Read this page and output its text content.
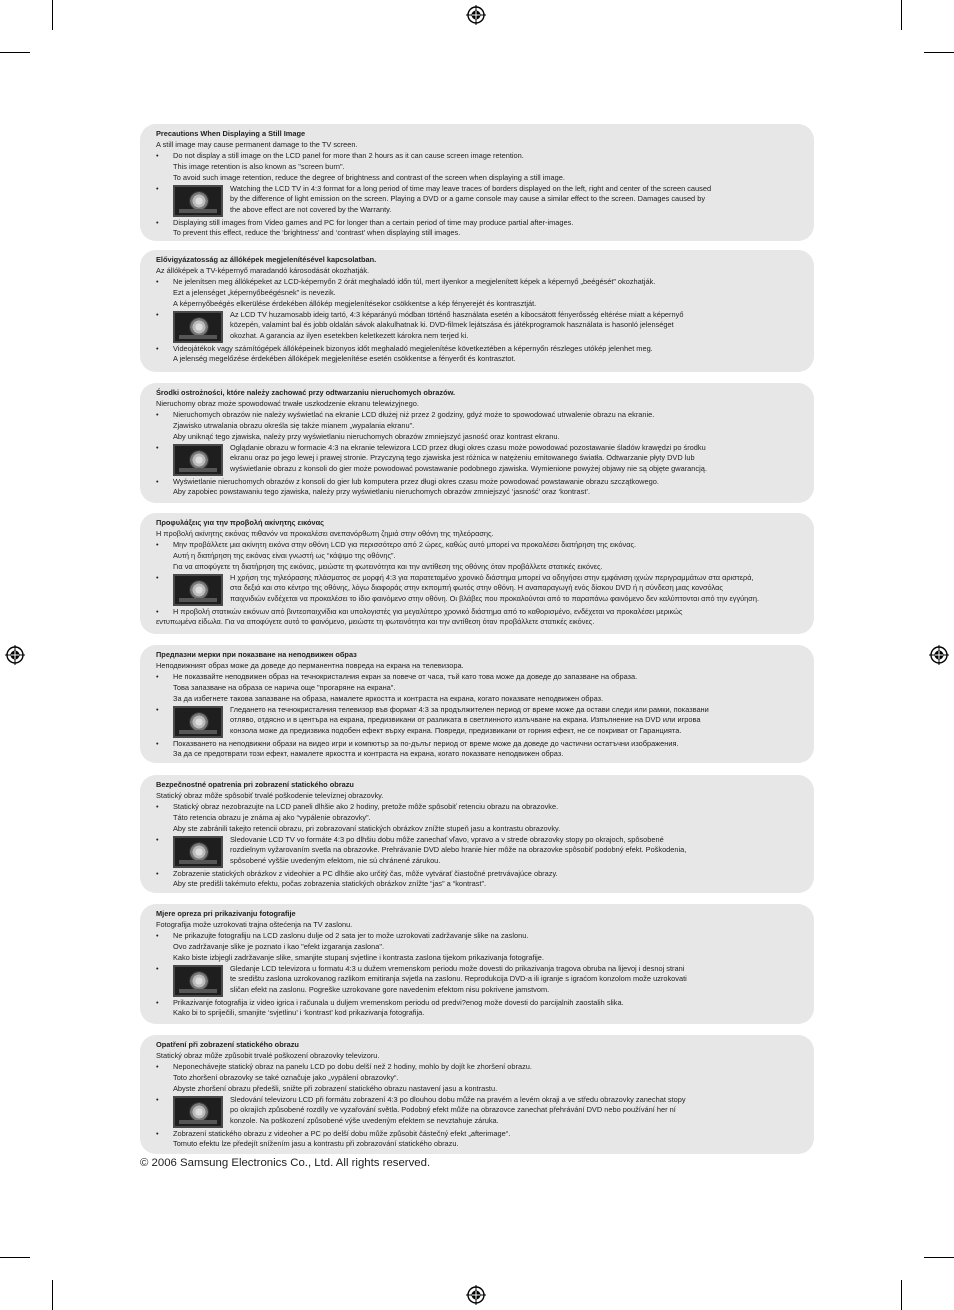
Precautions When Displaying a Still Image
A still image may cause permanent damage to the TV screen.
• Do not display a still image on the LCD panel for more than 2 hours as it can cause screen image retention.
This image retention is also known as "screen burn".
To avoid such image retention, reduce the degree of brightness and contrast of the screen when displaying a still image.
• Watching the LCD TV in 4:3 format for a long period of time may leave traces of borders displayed on the left, right and center of the screen caused
by the difference of light emission on the screen. Playing a DVD or a game console may cause a similar effect to the screen. Damages caused by
the above effect are not covered by the Warranty.
• Displaying still images from Video games and PC for longer than a certain period of time may produce partial after-images.
To prevent this effect, reduce the ‘brightness’ and ‘contrast’ when displaying still images.
Elővigyázatosság az állóképek megjelenítésével kapcsolatban.
Az állóképek a TV-képernyő maradandó károsodását okozhatják.
• Ne jelenítsen meg állóképeket az LCD-képernyőn 2 órát meghaladó időn túl, mert ilyenkor a megjelenített képek a képernyő „beégését” okozhatják.
Ezt a jelenséget „képernyőbeégésnek” is nevezik.
A képernyőbeégés elkerülése érdekében állókép megjelenítésekor csökkentse a kép fényerejét és kontrasztját.
• Az LCD TV huzamosabb ideig tartó, 4:3 képarányú módban történő használata esetén a kibocsátott fényerősség eltérése miatt a képernyő
közepén, valamint bal és jobb oldalán sávok alakulhatnak ki. DVD-filmek lejátszása és játékprogramok használata is hasonló jelenséget
okozhat. A garancia az ilyen esetekben keletkezett károkra nem terjed ki.
• Videojátékok vagy számítógépek állóképeinek bizonyos időt meghaladó megjelenítése következtében a képernyőn részleges utókép jelenhet meg.
A jelenség megelőzése érdekében állóképek megjelenítése esetén csökkentse a fényerőt és kontrasztot.
Środki ostrożności, które należy zachować przy odtwarzaniu nieruchomych obrazów.
Nieruchomy obraz może spowodować trwałe uszkodzenie ekranu telewizyjnego.
• Nieruchomych obrazów nie należy wyświetlać na ekranie LCD dłużej niż przez 2 godziny, gdyż może to spowodować utrwalenie obrazu na ekranie.
Zjawisko utrwalania obrazu określa się także mianem „wypalania ekranu”.
Aby uniknąć tego zjawiska, należy przy wyświetlaniu nieruchomych obrazów zmniejszyć jasność oraz kontrast ekranu.
• Oglądanie obrazu w formacie 4:3 na ekranie telewizora LCD przez długi okres czasu może powodować pozostawanie śladów krawędzi po środku
ekranu oraz po jego lewej i prawej stronie. Przyczyną tego zjawiska jest różnica w natężeniu emitowanego światła. Odtwarzanie płyty DVD lub
wyświetlanie obrazu z konsoli do gier może powodować powstawanie podobnego zjawiska. Wymienione powyżej objawy nie są objęte gwarancją.
• Wyświetlanie nieruchomych obrazów z konsoli do gier lub komputera przez długi okres czasu może powodować powstawanie obrazu szczątkowego.
Aby zapobiec powstawaniu tego zjawiska, należy przy wyświetlaniu nieruchomych obrazów zmniejszyć ‘jasność’ oraz ‘kontrast’.
Προφυλάξεις για την προβολή ακίνητης εικόνας
Η προβολή ακίνητης εικόνας πιθανόν να προκαλέσει ανεπανόρθωτη ζημιά στην οθόνη της τηλεόρασης.
• Μην προβάλλετε μια ακίνητη εικόνα στην οθόνη LCD για περισσότερο από 2 ώρες, καθώς αυτό μπορεί να προκαλέσει διατήρηση της εικόνας.
Αυτή η διατήρηση της εικόνας είναι γνωστή ως “κάψιμο της οθόνης”.
Για να αποφύγετε τη διατήρηση της εικόνας, μειώστε τη φωτεινότητα και την αντίθεση της οθόνης όταν προβάλλετε στατικές εικόνες.
• Η χρήση της τηλεόρασης πλάσματος σε μορφή 4:3 για παρατεταμένο χρονικό διάστημα μπορεί να οδηγήσει στην εμφάνιση ιχνών περιγραμμάτων στα αριστερά,
στα δεξιά και στο κέντρο της οθόνης, λόγω διαφοράς στην εκπομπή φωτός στην οθόνη. Η αναπαραγωγή ενός δίσκου DVD ή η σύνδεση μιας κονσόλας
παιχνιδιών ενδέχεται να προκαλέσει το ίδιο φαινόμενο στην οθόνη. Οι βλάβες που προκαλούνται από το παραπάνω φαινόμενο δεν καλύπτονται από την εγγύηση.
• Η προβολή στατικών εικόνων από βιντεοπαιχνίδια και υπολογιστές για μεγαλύτερο χρονικό διάστημα από το καθορισμένο, ενδέχεται να προκαλέσει μερικώς
εντυπωμένα είδωλα. Για να αποφύγετε αυτό το φαινόμενο, μειώστε τη φωτεινότητα και την αντίθεση όταν προβάλλετε στατικές εικόνες.
Предпазни мерки при показване на неподвижен образ
Неподвижният образ може да доведе до перманентна повреда на екрана на телевизора.
• Не показвайте неподвижен образ на течнокристалния екран за повече от часа, тъй като това може да доведе до запазване на образа.
Това запазване на образа се нарича още "прогаряне на екрана".
За да избегнете такова запазване на образа, намалете яркостта и контраста на екрана, когато показвате неподвижен образ.
• Гледането на течнокристалния телевизор във формат 4:3 за продължителен период от време може да остави следи или рамки, показвани
отляво, отдясно и в центъра на екрана, предизвикани от разликата в светлинното излъчване на екрана. Изпълнение на DVD или игрова
конзола може да предизвика подобен ефект върху екрана. Повреди, предизвикани от горния ефект, не се покриват от Гаранцията.
• Показването на неподвижни образи на видео игри и компютър за по-дълъг период от време може да доведе до частични остатъчни изображения.
За да се предотврати този ефект, намалете яркостта и контраста на екрана, когато показвате неподвижен образ.
Bezpečnostné opatrenia pri zobrazení statického obrazu
Statický obraz môže spôsobiť trvalé poškodenie televíznej obrazovky.
• Statický obraz nezobrazujte na LCD paneli dlhšie ako 2 hodiny, pretože môže spôsobiť retenciu obrazu na obrazovke.
Táto retencia obrazu je známa aj ako “vypálenie obrazovky”.
Aby ste zabránili takejto retencii obrazu, pri zobrazovaní statických obrázkov znížte stupeň jasu a kontrastu obrazovky.
• Sledovanie LCD TV vo formáte 4:3 po dlhšiu dobu môže zanechať vľavo, vpravo a v strede obrazovky stopy po okrajoch, spôsobené
rozdielnym vyžarovaním svetla na obrazovke. Prehrávanie DVD alebo hranie hier môže na obrazovke spôsobiť podobný efekt. Poškodenia,
spôsobené vyššie uvedeným efektom, nie sú chránené zárukou.
• Zobrazenie statických obrázkov z videohier a PC dlhšie ako určitý čas, môže vytvárať čiastočné pretrvávajúce obrazy.
Aby ste predišli takémuto efektu, počas zobrazenia statických obrázkov znížte “jas” a “kontrast”.
Mjere opreza pri prikazivanju fotografije
Fotografija može uzrokovati trajna oštećenja na TV zaslonu.
• Ne prikazujte fotografiju na LCD zaslonu dulje od 2 sata jer to može uzrokovati zadržavanje slike na zaslonu.
Ovo zadržavanje slike je poznato i kao "efekt izgaranja zaslona".
Kako biste izbjegli zadržavanje slike, smanjite stupanj svjetline i kontrasta zaslona tijekom prikazivanja fotografije.
• Gledanje LCD televizora u formatu 4:3 u dužem vremenskom periodu može dovesti do prikazivanja tragova obruba na lijevoj i desnoj strani
te središtu zaslona uzrokovanog razlikom emitiranja svjetla na zaslonu. Reprodukcija DVD-a ili igranje s igraćom konzolom može uzrokovati
sličan efekt na zaslonu. Pogreške uzrokovane gore navedenim efektom nisu pokrivene jamstvom.
• Prikazivanje fotografija iz video igrica i računala u duljem vremenskom periodu od predvi?enog može dovesti do parcijalnih zaostalih slika.
Kako bi to spriječili, smanjite ‘svjetlinu’ i ‘kontrast’ kod prikazivanja fotografija.
Opatření při zobrazení statického obrazu
Statický obraz může způsobit trvalé poškození obrazovky televizoru.
• Neponechávejte statický obraz na panelu LCD po dobu delší než 2 hodiny, mohlo by dojít ke zhoršení obrazu.
Toto zhoršení obrazovky se také označuje jako „vypálení obrazovky“.
Abyste zhoršení obrazu předešli, snižte při zobrazení statického obrazu nastavení jasu a kontrastu.
• Sledování televizoru LCD při formátu zobrazení 4:3 po dlouhou dobu může na pravém a levém okraji a ve středu obrazovky zanechat stopy
po okrajích způsobené rozdíly ve vyzařování světla. Podobný efekt může na obrazovce zanechat přehrávání DVD nebo používání her ní
konzole. Na poškození způsobené výše uvedeným efektem se nevztahuje záruka.
• Zobrazení statického obrazu z videoher a PC po delší dobu může způsobit částečný efekt „afterimage“.
Tomuto efektu lze předejít snížením jasu a kontrastu při zobrazování statického obrazu.
© 2006 Samsung Electronics Co., Ltd. All rights reserved.
